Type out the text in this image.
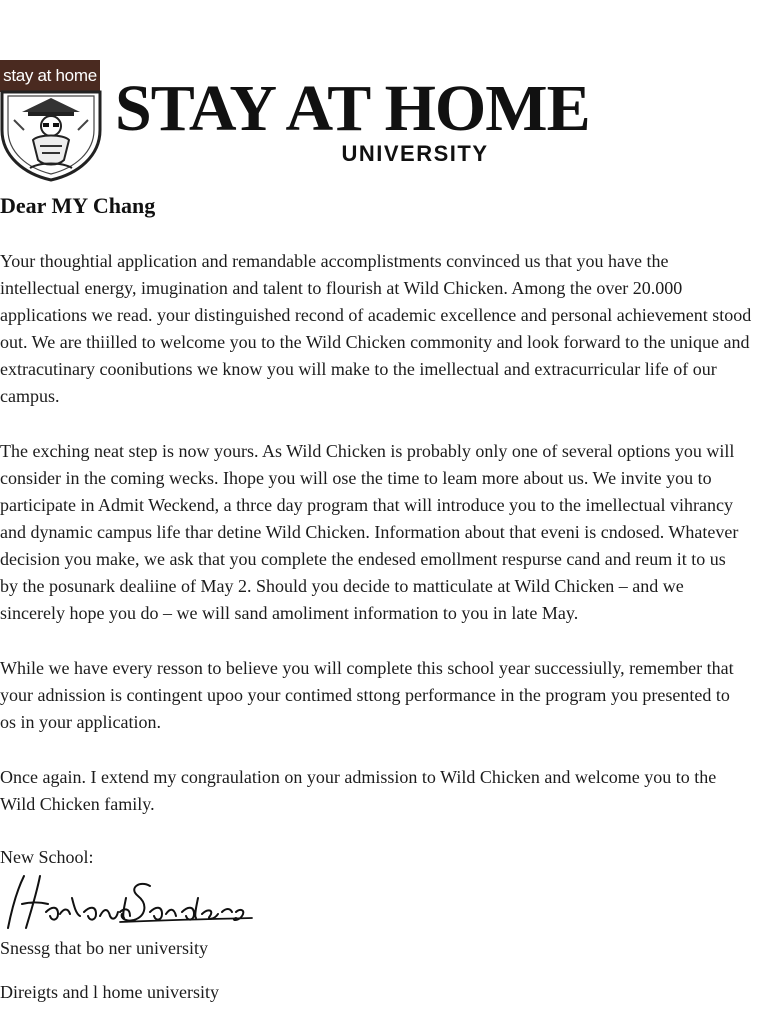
stay at home STAY AT HOME
UNIVERSITY
Dear MY Chang

Your thoughtial application and remandable accomplistments convinced us that you have the
intellectual energy, imugination and talent to flourish at Wild Chicken. Among the over 20.000
applications we read. your distinguished recond of academic excellence and personal achievement stood
out. We are thiilled to welcome you to the Wild Chicken commonity and look forward to the unique and
extracutinary coonibutions we know you will make to the imellectual and extracurricular life of our
campus.

The exching neat step is now yours. As Wild Chicken is probably only one of several options you will
consider in the coming wecks. Ihope you will ose the time to leam more about us. We invite you to
participate in Admit Weckend, a thrce day program that will introduce you to the imellectual vihrancy
and dynamic campus life thar detine Wild Chicken. Information about that eveni is cndosed. Whatever
decision you make, we ask that you complete the endesed emollment respurse cand and reum it to us
by the posunark dealiine of May 2. Should you decide to matticulate at Wild Chicken – and we
sincerely hope you do – we will sand amoliment information to you in late May.

While we have every resson to believe you will complete this school year successiully, remember that
your adnission is contingent upoo your contimed sttong performance in the program you presented to
os in your application.

Once again. I extend my congraulation on your admission to Wild Chicken and welcome you to the
Wild Chicken family.

New School:
Harland Sanders
Snessg that bo ner university
Direigts and l home university
